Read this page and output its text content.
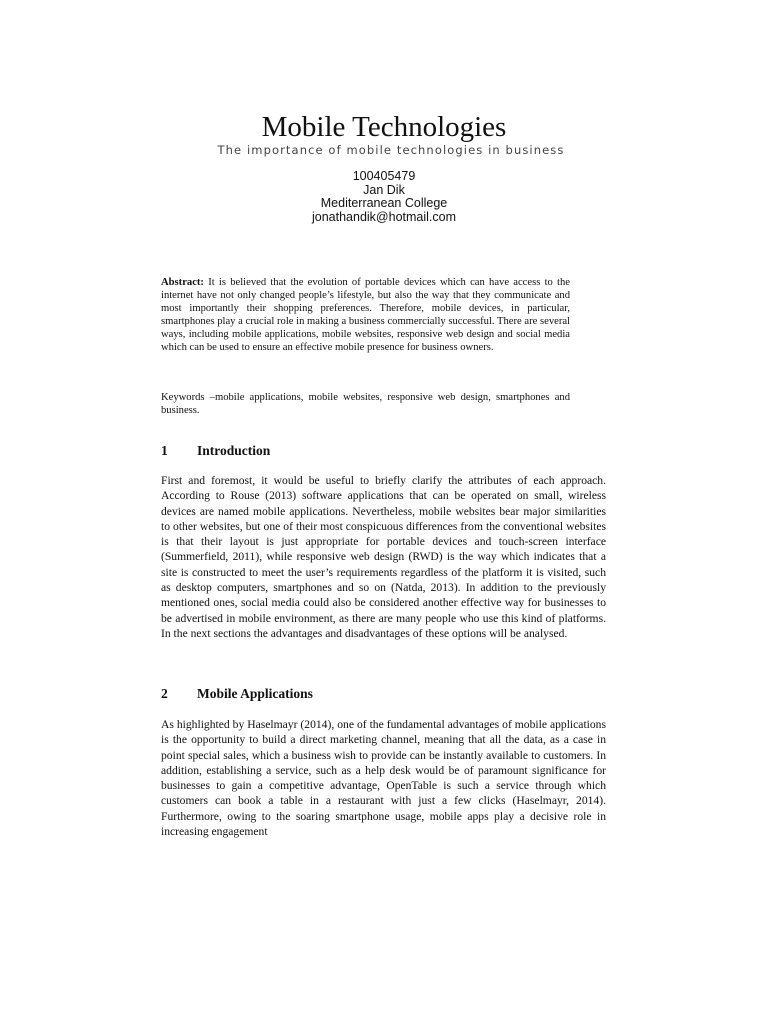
Mobile Technologies
The importance of mobile technologies in business
100405479
Jan Dik
Mediterranean College
jonathandik@hotmail.com
Abstract: It is believed that the evolution of portable devices which can have access to the internet have not only changed people’s lifestyle, but also the way that they communicate and most importantly their shopping preferences. Therefore, mobile devices, in particular, smartphones play a crucial role in making a business commercially successful. There are several ways, including mobile applications, mobile websites, responsive web design and social media which can be used to ensure an effective mobile presence for business owners.
Keywords –mobile applications, mobile websites, responsive web design, smartphones and business.
1 Introduction
First and foremost, it would be useful to briefly clarify the attributes of each approach. According to Rouse (2013) software applications that can be operated on small, wireless devices are named mobile applications. Nevertheless, mobile websites bear major similarities to other websites, but one of their most conspicuous differences from the conventional websites is that their layout is just appropriate for portable devices and touch-screen interface (Summerfield, 2011), while responsive web design (RWD) is the way which indicates that a site is constructed to meet the user’s requirements regardless of the platform it is visited, such as desktop computers, smartphones and so on (Natda, 2013). In addition to the previously mentioned ones, social media could also be considered another effective way for businesses to be advertised in mobile environment, as there are many people who use this kind of platforms. In the next sections the advantages and disadvantages of these options will be analysed.
2 Mobile Applications
As highlighted by Haselmayr (2014), one of the fundamental advantages of mobile applications is the opportunity to build a direct marketing channel, meaning that all the data, as a case in point special sales, which a business wish to provide can be instantly available to customers. In addition, establishing a service, such as a help desk would be of paramount significance for businesses to gain a competitive advantage, OpenTable is such a service through which customers can book a table in a restaurant with just a few clicks (Haselmayr, 2014). Furthermore, owing to the soaring smartphone usage, mobile apps play a decisive role in increasing engagement
